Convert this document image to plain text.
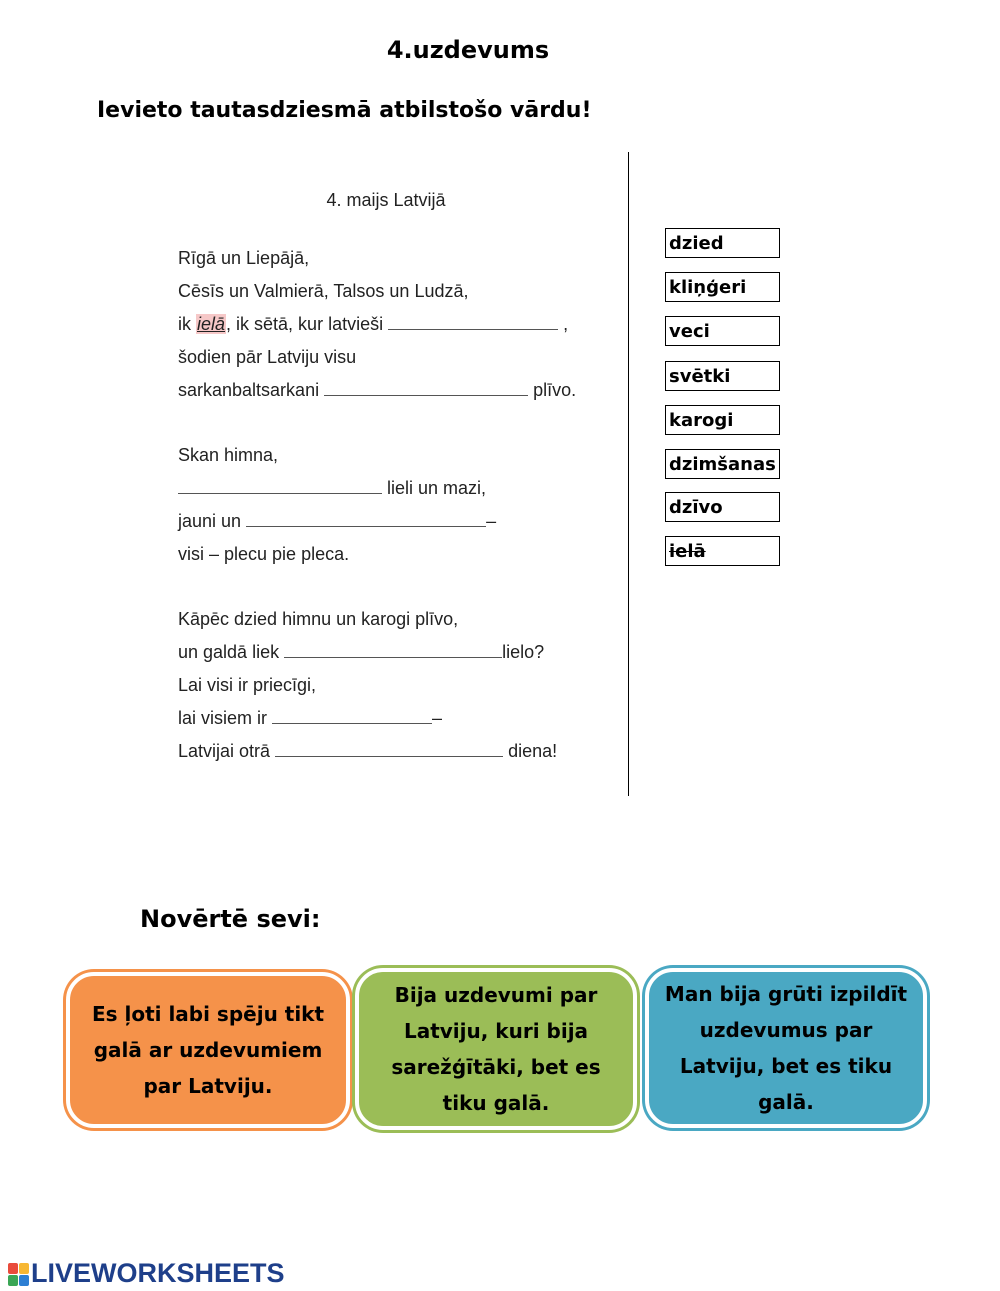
4.uzdevums
Ievieto tautasdziesmā atbilstošo vārdu!
4. maijs Latvijā
Rīgā un Liepājā,
Cēsīs un Valmierā, Talsos un Ludzā,
ik ielā, ik sētā, kur latvieši	,
šodien pār Latviju visu
sarkanbaltsarkani	plīvo.
Skan himna,
lieli un mazi,
jauni un	–
visi – plecu pie pleca.
Kāpēc dzied himnu un karogi plīvo,
un galdā liek	lielo?
Lai visi ir priecīgi,
lai visiem ir	–
Latvijai otrā	diena!
dzied
kliņģeri
veci
svētki
karogi
dzimšanas
dzīvo
ielā
Novērtē sevi:
Es ļoti labi spēju tikt galā ar uzdevumiem par Latviju.
Bija uzdevumi par Latviju, kuri bija sarežģītāki, bet es tiku galā.
Man bija grūti izpildīt uzdevumus par Latviju, bet es tiku galā.
LIVEWORKSHEETS
